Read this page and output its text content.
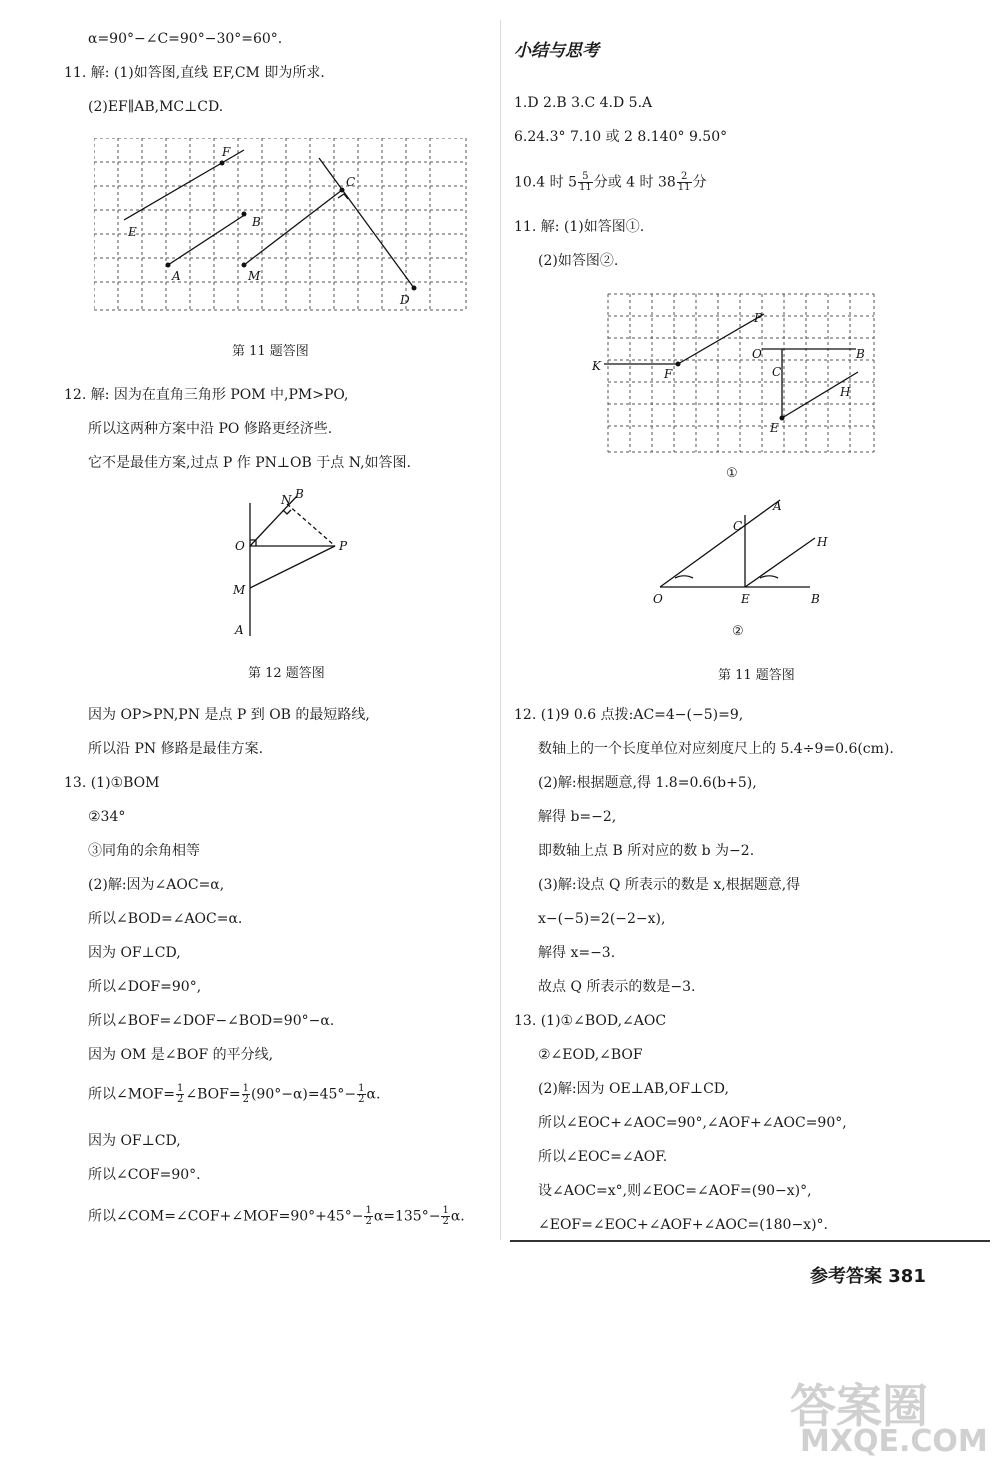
α=90°−∠C=90°−30°=60°.
11. 解: (1)如答图,直线 EF,CM 即为所求.
(2)EF∥AB,MC⊥CD.
F
E
B
A	M
C
D
第 11 题答图
12. 解: 因为在直角三角形 POM 中,PM>PO,
所以这两种方案中沿 PO 修路更经济些.
它不是最佳方案,过点 P 作 PN⊥OB 于点 N,如答图.
N B
O	P
M
A
第 12 题答图
因为 OP>PN,PN 是点 P 到 OB 的最短路线,
所以沿 PN 修路是最佳方案.
13. (1)①BOM
②34°
③同角的余角相等
(2)解:因为∠AOC=α,
所以∠BOD=∠AOC=α.
因为 OF⊥CD,
所以∠DOF=90°,
所以∠BOF=∠DOF−∠BOD=90°−α.
因为 OM 是∠BOF 的平分线,
所以∠MOF= $\frac{1}{2}$ ∠BOF= $\frac{1}{2} (90^\circ-\alpha)=45^\circ- \frac{1}{2} \alpha$.
因为 OF⊥CD,
所以∠COF=90°.
所以∠COM=∠COF+∠MOF=90°+45°− $\frac{1}{2} \alpha=135^\circ- \frac{1}{2} \alpha$.
小结与思考
1.D 2.B 3.C 4.D 5.A
6.24.3° 7.10 或 2 8.140° 9.50°
10.4 时 $5 \frac{5}{11}$ 分或 4 时 $38 \frac{2}{11}$ 分
11. 解: (1)如答图①.
(2)如答图②.
K
F
P
O	B
C
H
E
①
O	E	B
C
A
H
②
第 11 题答图
12. (1)9 0.6 点拨:AC=4−(−5)=9,
数轴上的一个长度单位对应刻度尺上的 5.4÷9=0.6(cm).
(2)解:根据题意,得 1.8=0.6(b+5),
解得 b=−2,
即数轴上点 B 所对应的数 b 为−2.
(3)解:设点 Q 所表示的数是 x,根据题意,得
x−(−5)=2(−2−x),
解得 x=−3.
故点 Q 所表示的数是−3.
13. (1)①∠BOD,∠AOC
②∠EOD,∠BOF
(2)解:因为 OE⊥AB,OF⊥CD,
所以∠EOC+∠AOC=90°,∠AOF+∠AOC=90°,
所以∠EOC=∠AOF.
设∠AOC=x°,则∠EOC=∠AOF=(90−x)°,
∠EOF=∠EOC+∠AOF+∠AOC=(180−x)°.
参考答案 381
答案圈
MXQE.COM
